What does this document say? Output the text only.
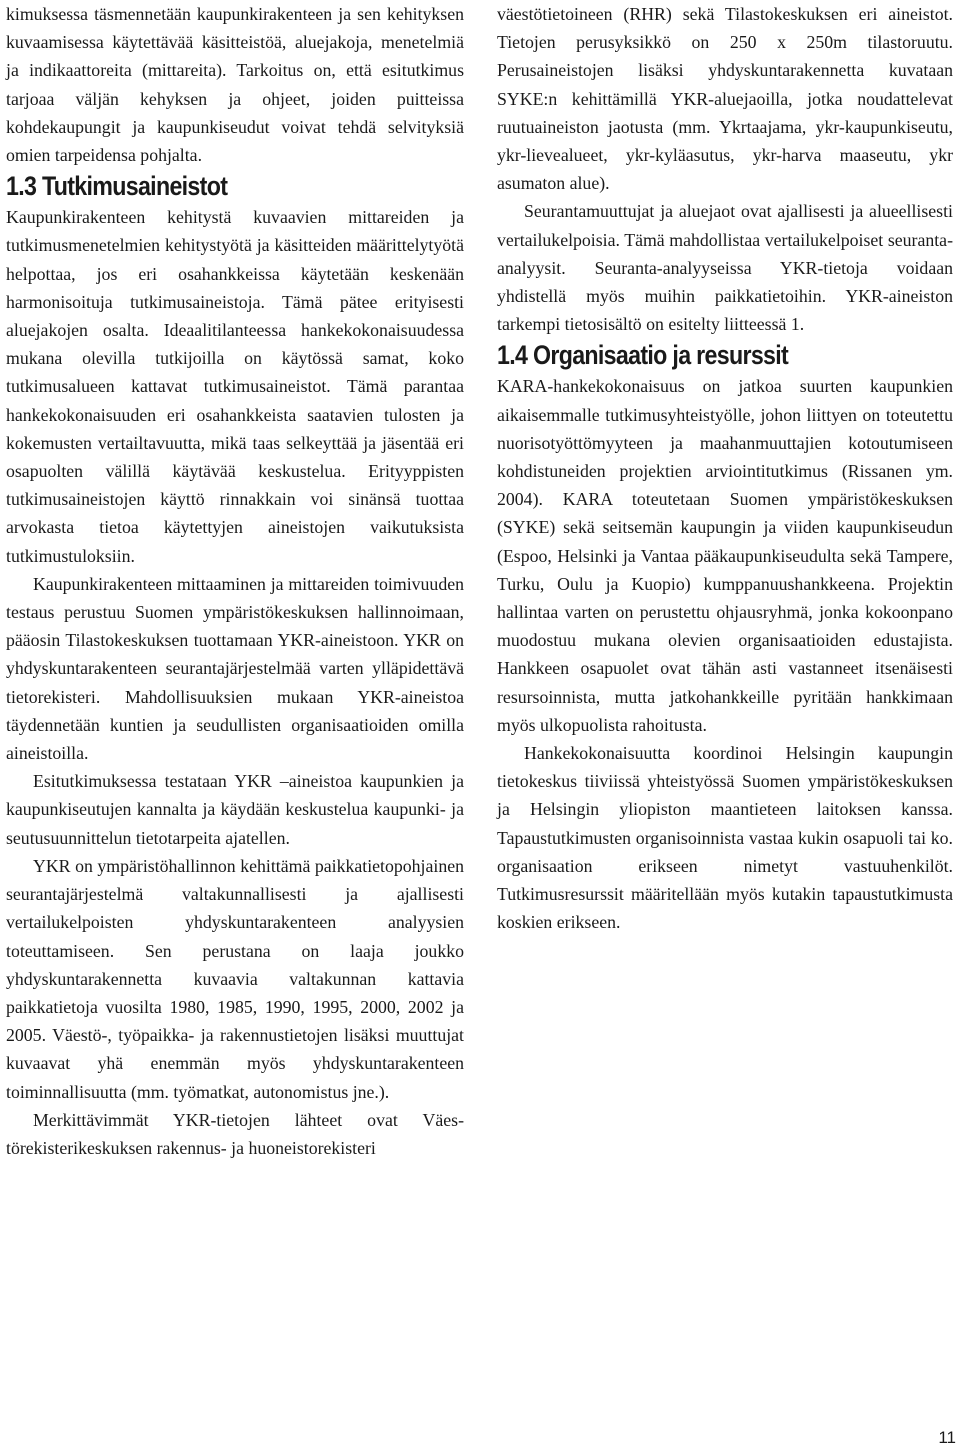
kimuksessa täsmennetään kaupunkirakenteen ja sen kehityksen kuvaamisessa käytettävää käsitteistöä, aluejakoja, menetelmiä ja indikaattoreita (mittareita). Tarkoitus on, että esitutkimus tarjoaa väljän kehyksen ja ohjeet, joiden puitteissa kohdekaupungit ja kaupunkiseudut voivat tehdä selvityksiä omien tarpeidensa pohjalta.

1.3 Tutkimusaineistot

Kaupunkirakenteen kehitystä kuvaavien mittareiden ja tutkimusmenetelmien kehitystyötä ja käsitteiden määrittelytyötä helpottaa, jos eri osahankkeissa käytetään keskenään harmonisoituja tutkimusaineistoja. Tämä pätee erityisesti aluejakojen osalta. Ideaalitilanteessa hankekokonaisuudessa mukana olevilla tutkijoilla on käytössä samat, koko tutkimusalueen kattavat tutkimusaineistot. Tämä parantaa hankekokonaisuuden eri osahankkeista saatavien tulosten ja kokemusten vertailtavuutta, mikä taas selkeyttää ja jäsentää eri osapuolten välillä käytävää keskustelua. Erityyppisten tutkimusaineistojen käyttö rinnakkain voi sinänsä tuottaa arvokasta tietoa käytettyjen aineistojen vaikutuksista tutkimustuloksiin.

Kaupunkirakenteen mittaaminen ja mittareiden toimivuuden testaus perustuu Suomen ympäristökeskuksen hallinnoimaan, pääosin Tilastokeskuksen tuottamaan YKR-aineistoon. YKR on yhdyskuntarakenteen seurantajärjestelmää varten ylläpidettävä tietorekisteri. Mahdollisuuksien mukaan YKR-aineistoa täydennetään kuntien ja seudullisten organisaatioiden omilla aineistoilla.

Esitutkimuksessa testataan YKR –aineistoa kaupunkien ja kaupunkiseutujen kannalta ja käydään keskustelua kaupunki- ja seutusuunnittelun tietotarpeita ajatellen.

YKR on ympäristöhallinnon kehittämä paikkatietopohjainen seurantajärjestelmä valtakunnallisesti ja ajallisesti vertailukelpoisten yhdyskuntarakenteen analyysien toteuttamiseen. Sen perustana on laaja joukko yhdyskuntarakennetta kuvaavia valtakunnan kattavia paikkatietoja vuosilta 1980, 1985, 1990, 1995, 2000, 2002 ja 2005. Väestö-, työpaikka- ja rakennustietojen lisäksi muuttujat kuvaavat yhä enemmän myös yhdyskuntarakenteen toiminnallisuutta (mm. työmatkat, autonomistus jne.).

Merkittävimmät YKR-tietojen lähteet ovat Väestörekisterikeskuksen rakennus- ja huoneistorekisteri

väestötietoineen (RHR) sekä Tilastokeskuksen eri aineistot. Tietojen perusyksikkö on 250 x 250m tilastoruutu. Perusaineistojen lisäksi yhdyskuntarakennetta kuvataan SYKE:n kehittämillä YKR-aluejaoilla, jotka noudattelevat ruutuaineiston jaotusta (mm. Ykrtaajama, ykr-kaupunkiseutu, ykr-lievealueet, ykr-kyläasutus, ykr-harva maaseutu, ykr asumaton alue).

Seurantamuuttujat ja aluejaot ovat ajallisesti ja alueellisesti vertailukelpoisia. Tämä mahdollistaa vertailukelpoiset seuranta-analyysit. Seuranta-analyyseissa YKR-tietoja voidaan yhdistellä myös muihin paikkatietoihin. YKR-aineiston tarkempi tietosisältö on esitelty liitteessä 1.

1.4 Organisaatio ja resurssit

KARA-hankekokonaisuus on jatkoa suurten kaupunkien aikaisemmalle tutkimusyhteistyölle, johon liittyen on toteutettu nuorisotyöttömyyteen ja maahanmuuttajien kotoutumiseen kohdistuneiden projektien arviointitutkimus (Rissanen ym. 2004). KARA toteutetaan Suomen ympäristökeskuksen (SYKE) sekä seitsemän kaupungin ja viiden kaupunkiseudun (Espoo, Helsinki ja Vantaa pääkaupunkiseudulta sekä Tampere, Turku, Oulu ja Kuopio) kumppanuushankkeena. Projektin hallintaa varten on perustettu ohjausryhmä, jonka kokoonpano muodostuu mukana olevien organisaatioiden edustajista. Hankkeen osapuolet ovat tähän asti vastanneet itsenäisesti resursoinnista, mutta jatkohankkeille pyritään hankkimaan myös ulkopuolista rahoitusta.

Hankekokonaisuutta koordinoi Helsingin kaupungin tietokeskus tiiviissä yhteistyössä Suomen ympäristökeskuksen ja Helsingin yliopiston maantieteen laitoksen kanssa. Tapaustutkimusten organisoinnista vastaa kukin osapuoli tai ko. organisaation erikseen nimetyt vastuuhenkilöt. Tutkimusresurssit määritellään myös kutakin tapaustutkimusta koskien erikseen.

11
